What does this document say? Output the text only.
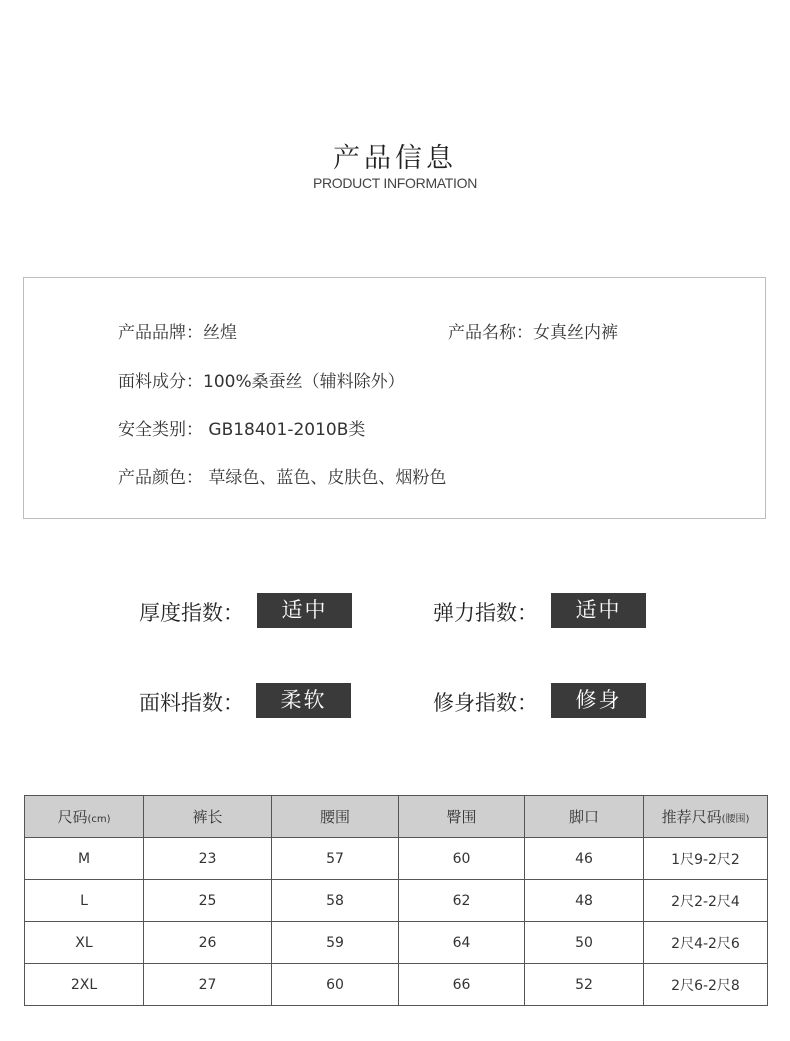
产品信息
PRODUCT INFORMATION
产品品牌：丝煌	产品名称：女真丝内裤
面料成分：100%桑蚕丝（辅料除外）
安全类别： GB18401-2010B类
产品颜色： 草绿色、蓝色、皮肤色、烟粉色
厚度指数：	适中	弹力指数：	适中
面料指数：	柔软	修身指数：	修身
尺码(cm)	裤长	腰围	臀围	脚口	推荐尺码(腰围)
M	23	57	60	46	1尺9-2尺2
L	25	58	62	48	2尺2-2尺4
XL	26	59	64	50	2尺4-2尺6
2XL	27	60	66	52	2尺6-2尺8
